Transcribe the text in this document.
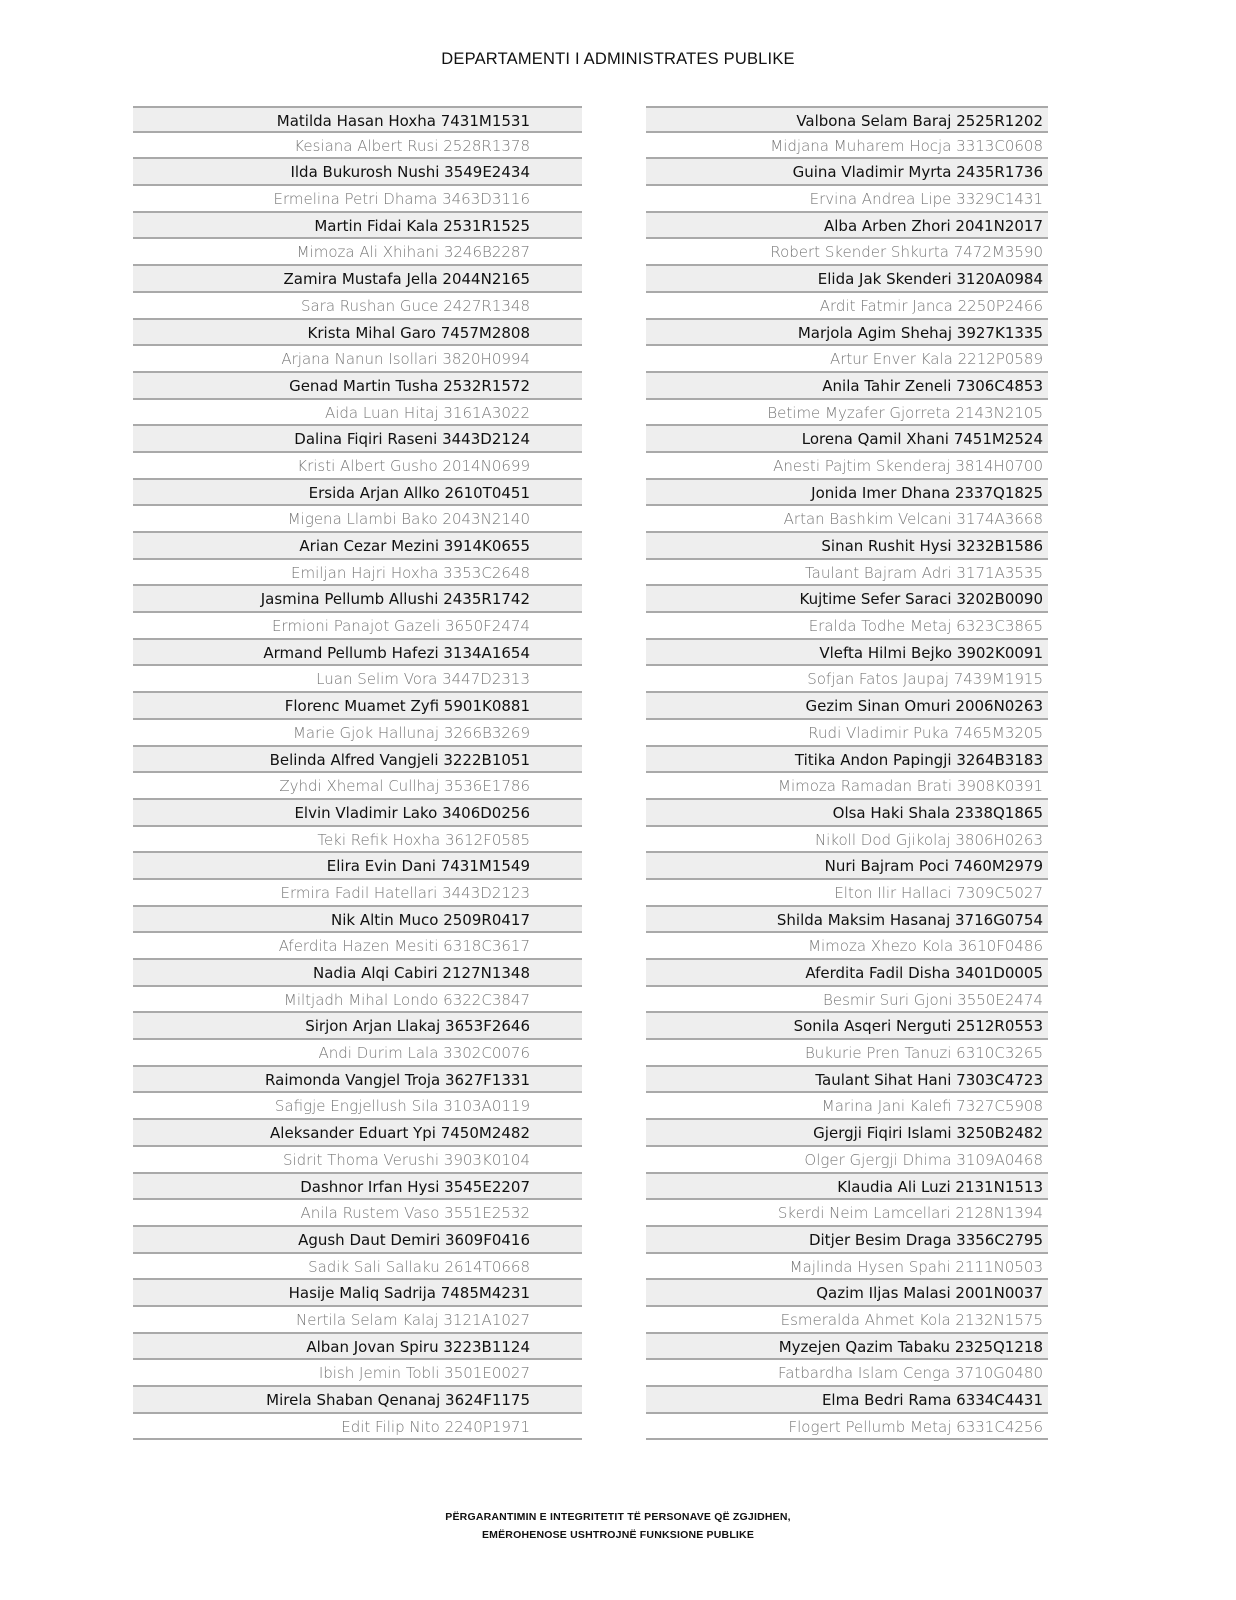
DEPARTAMENTI I ADMINISTRATES PUBLIKE
Matilda Hasan Hoxha 7431M1531
Kesiana Albert Rusi 2528R1378
Ilda Bukurosh Nushi 3549E2434
Ermelina Petri Dhama 3463D3116
Martin Fidai Kala 2531R1525
Mimoza Ali Xhihani 3246B2287
Zamira Mustafa Jella 2044N2165
Sara Rushan Guce 2427R1348
Krista Mihal Garo 7457M2808
Arjana Nanun Isollari 3820H0994
Genad Martin Tusha 2532R1572
Aida Luan Hitaj 3161A3022
Dalina Fiqiri Raseni 3443D2124
Kristi Albert Gusho 2014N0699
Ersida Arjan Allko 2610T0451
Migena Llambi Bako 2043N2140
Arian Cezar Mezini 3914K0655
Emiljan Hajri Hoxha 3353C2648
Jasmina Pellumb Allushi 2435R1742
Ermioni Panajot Gazeli 3650F2474
Armand Pellumb Hafezi 3134A1654
Luan Selim Vora 3447D2313
Florenc Muamet Zyfi 5901K0881
Marie Gjok Hallunaj 3266B3269
Belinda Alfred Vangjeli 3222B1051
Zyhdi Xhemal Cullhaj 3536E1786
Elvin Vladimir Lako 3406D0256
Teki Refik Hoxha 3612F0585
Elira Evin Dani 7431M1549
Ermira Fadil Hatellari 3443D2123
Nik Altin Muco 2509R0417
Aferdita Hazen Mesiti 6318C3617
Nadia Alqi Cabiri 2127N1348
Miltjadh Mihal Londo 6322C3847
Sirjon Arjan Llakaj 3653F2646
Andi Durim Lala 3302C0076
Raimonda Vangjel Troja 3627F1331
Safigje Engjellush Sila 3103A0119
Aleksander Eduart Ypi 7450M2482
Sidrit Thoma Verushi 3903K0104
Dashnor Irfan Hysi 3545E2207
Anila Rustem Vaso 3551E2532
Agush Daut Demiri 3609F0416
Sadik Sali Sallaku 2614T0668
Hasije Maliq Sadrija 7485M4231
Nertila Selam Kalaj 3121A1027
Alban Jovan Spiru 3223B1124
Ibish Jemin Tobli 3501E0027
Mirela Shaban Qenanaj 3624F1175
Edit Filip Nito 2240P1971
Valbona Selam Baraj 2525R1202
Midjana Muharem Hocja 3313C0608
Guina Vladimir Myrta 2435R1736
Ervina Andrea Lipe 3329C1431
Alba Arben Zhori 2041N2017
Robert Skender Shkurta 7472M3590
Elida Jak Skenderi 3120A0984
Ardit Fatmir Janca 2250P2466
Marjola Agim Shehaj 3927K1335
Artur Enver Kala 2212P0589
Anila Tahir Zeneli 7306C4853
Betime Myzafer Gjorreta 2143N2105
Lorena Qamil Xhani 7451M2524
Anesti Pajtim Skenderaj 3814H0700
Jonida Imer Dhana 2337Q1825
Artan Bashkim Velcani 3174A3668
Sinan Rushit Hysi 3232B1586
Taulant Bajram Adri 3171A3535
Kujtime Sefer Saraci 3202B0090
Eralda Todhe Metaj 6323C3865
Vlefta Hilmi Bejko 3902K0091
Sofjan Fatos Jaupaj 7439M1915
Gezim Sinan Omuri 2006N0263
Rudi Vladimir Puka 7465M3205
Titika Andon Papingji 3264B3183
Mimoza Ramadan Brati 3908K0391
Olsa Haki Shala 2338Q1865
Nikoll Dod Gjikolaj 3806H0263
Nuri Bajram Poci 7460M2979
Elton Ilir Hallaci 7309C5027
Shilda Maksim Hasanaj 3716G0754
Mimoza Xhezo Kola 3610F0486
Aferdita Fadil Disha 3401D0005
Besmir Suri Gjoni 3550E2474
Sonila Asqeri Nerguti 2512R0553
Bukurie Pren Tanuzi 6310C3265
Taulant Sihat Hani 7303C4723
Marina Jani Kalefi 7327C5908
Gjergji Fiqiri Islami 3250B2482
Olger Gjergji Dhima 3109A0468
Klaudia Ali Luzi 2131N1513
Skerdi Neim Lamcellari 2128N1394
Ditjer Besim Draga 3356C2795
Majlinda Hysen Spahi 2111N0503
Qazim Iljas Malasi 2001N0037
Esmeralda Ahmet Kola 2132N1575
Myzejen Qazim Tabaku 2325Q1218
Fatbardha Islam Cenga 3710G0480
Elma Bedri Rama 6334C4431
Flogert Pellumb Metaj 6331C4256
PËRGARANTIMIN E INTEGRITETIT TË PERSONAVE QË ZGJIDHEN,
EMËROHENOSE USHTROJNË FUNKSIONE PUBLIKE
